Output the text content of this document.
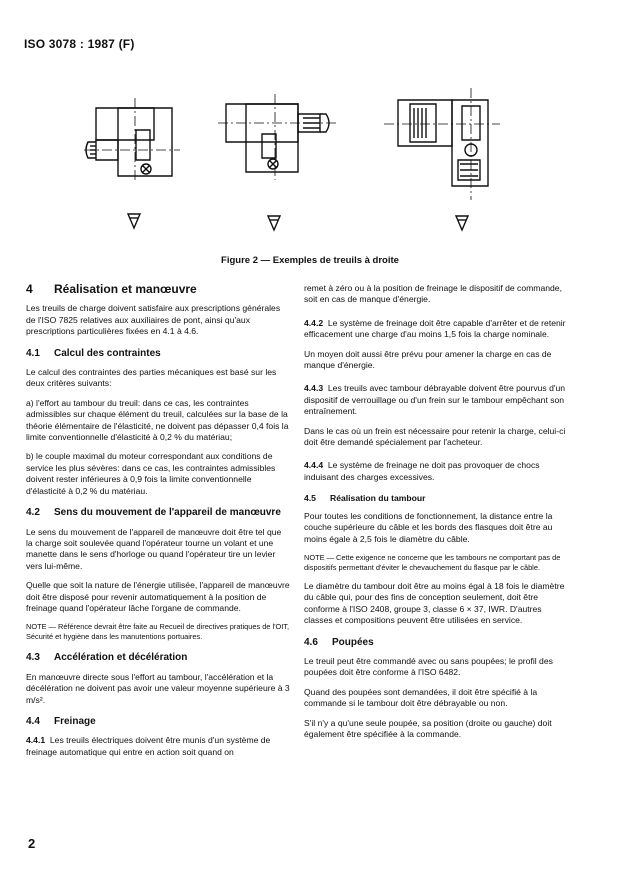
ISO 3078 : 1987 (F)
Figure 2 — Exemples de treuils à droite
4 Réalisation et manœuvre

Les treuils de charge doivent satisfaire aux prescriptions générales de l'ISO 7825 relatives aux auxiliaires de pont, ainsi qu'aux prescriptions particulières fixées en 4.1 à 4.6.

4.1 Calcul des contraintes

Le calcul des contraintes des parties mécaniques est basé sur les deux critères suivants:

a) l'effort au tambour du treuil: dans ce cas, les contraintes admissibles sur chaque élément du treuil, calculées sur la base de la théorie élémentaire de l'élasticité, ne doivent pas dépasser 0,4 fois la limite conventionnelle d'élasticité à 0,2 % du matériau;
b) le couple maximal du moteur correspondant aux conditions de service les plus sévères: dans ce cas, les contraintes admissibles doivent rester inférieures à 0,9 fois la limite conventionnelle d'élasticité à 0,2 % du matériau.
4.2 Sens du mouvement de l'appareil de manœuvre

Le sens du mouvement de l'appareil de manœuvre doit être tel que la charge soit soulevée quand l'opérateur tourne un volant et une manette dans le sens d'horloge ou quand l'opérateur tire un levier vers lui-même.

Quelle que soit la nature de l'énergie utilisée, l'appareil de manœuvre doit être disposé pour revenir automatiquement à la position de freinage quand l'opérateur lâche l'organe de commande.

NOTE — Référence devrait être faite au Recueil de directives pratiques de l'OIT, Sécurité et hygiène dans les manutentions portuaires.

4.3 Accélération et décélération

En manœuvre directe sous l'effort au tambour, l'accélération et la décélération ne doivent pas avoir une valeur moyenne supérieure à 3 m/s².

4.4 Freinage

4.4.1 Les treuils électriques doivent être munis d'un système de freinage automatique qui entre en action soit quand on

remet à zéro ou à la position de freinage le dispositif de commande, soit en cas de manque d'énergie.

4.4.2 Le système de freinage doit être capable d'arrêter et de retenir efficacement une charge d'au moins 1,5 fois la charge nominale.

Un moyen doit aussi être prévu pour amener la charge en cas de manque d'énergie.

4.4.3 Les treuils avec tambour débrayable doivent être pourvus d'un dispositif de verrouillage ou d'un frein sur le tambour empêchant son entraînement.

Dans le cas où un frein est nécessaire pour retenir la charge, celui-ci doit être demandé spécialement par l'acheteur.

4.4.4 Le système de freinage ne doit pas provoquer de chocs induisant des charges excessives.

4.5 Réalisation du tambour

Pour toutes les conditions de fonctionnement, la distance entre la couche supérieure du câble et les bords des flasques doit être au moins égale à 2,5 fois le diamètre du câble.

NOTE — Cette exigence ne concerne que les tambours ne comportant pas de dispositifs permettant d'éviter le chevauchement du flasque par le câble.

Le diamètre du tambour doit être au moins égal à 18 fois le diamètre du câble qui, pour des fins de conception seulement, doit être conforme à l'ISO 2408, groupe 3, classe 6 × 37, IWR. D'autres classes et compositions peuvent être utilisées en service.

4.6 Poupées

Le treuil peut être commandé avec ou sans poupées; le profil des poupées doit être conforme à l'ISO 6482.

Quand des poupées sont demandées, il doit être spécifié à la commande si le tambour doit être débrayable ou non.

S'il n'y a qu'une seule poupée, sa position (droite ou gauche) doit également être spécifiée à la commande.

2
